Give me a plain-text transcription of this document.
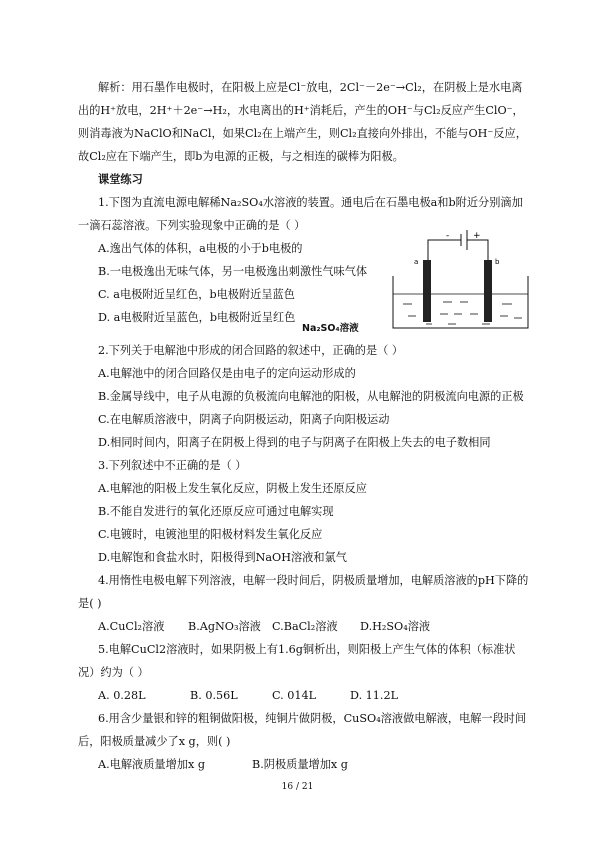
解析：用石墨作电极时，在阳极上应是Cl⁻放电，2Cl⁻－2e⁻→Cl₂，在阴极上是水电离
出的H⁺放电，2H⁺＋2e⁻→H₂，水电离出的H⁺消耗后，产生的OH⁻与Cl₂反应产生ClO⁻，
则消毒液为NaClO和NaCl，如果Cl₂在上端产生，则Cl₂直接向外排出，不能与OH⁻反应，
故Cl₂应在下端产生，即b为电源的正极，与之相连的碳棒为阳极。
课堂练习
1.下图为直流电源电解稀Na₂SO₄水溶液的装置。通电后在石墨电极a和b附近分别滴加
一滴石蕊溶液。下列实验现象中正确的是（ ）
A.逸出气体的体积，a电极的小于b电极的
B.一电极逸出无味气体，另一电极逸出刺激性气味气体
C. a电极附近呈红色，b电极附近呈蓝色
D. a电极附近呈蓝色，b电极附近呈红色
-	+
a	b
Na₂SO₄溶液
2.下列关于电解池中形成的闭合回路的叙述中，正确的是（ ）
A.电解池中的闭合回路仅是由电子的定向运动形成的
B.金属导线中，电子从电源的负极流向电解池的阳极，从电解池的阴极流向电源的正极
C.在电解质溶液中，阴离子向阴极运动，阳离子向阳极运动
D.相同时间内，阳离子在阴极上得到的电子与阴离子在阳极上失去的电子数相同
3.下列叙述中不正确的是（ ）
A.电解池的阳极上发生氧化反应，阴极上发生还原反应
B.不能自发进行的氧化还原反应可通过电解实现
C.电镀时，电镀池里的阳极材料发生氧化反应
D.电解饱和食盐水时，阳极得到NaOH溶液和氯气
4.用惰性电极电解下列溶液，电解一段时间后，阴极质量增加，电解质溶液的pH下降的
是( )
A.CuCl₂溶液 B.AgNO₃溶液 C.BaCl₂溶液 D.H₂SO₄溶液
5.电解CuCl2溶液时，如果阴极上有1.6g铜析出，则阳极上产生气体的体积（标准状
况）约为（ ）
A. 0.28L	B. 0.56L	C. 014L	D. 11.2L
6.用含少量银和锌的粗铜做阳极，纯铜片做阴极，CuSO₄溶液做电解液，电解一段时间
后，阳极质量减少了x g，则( )
A.电解液质量增加x g	B.阴极质量增加x g
16 / 21
